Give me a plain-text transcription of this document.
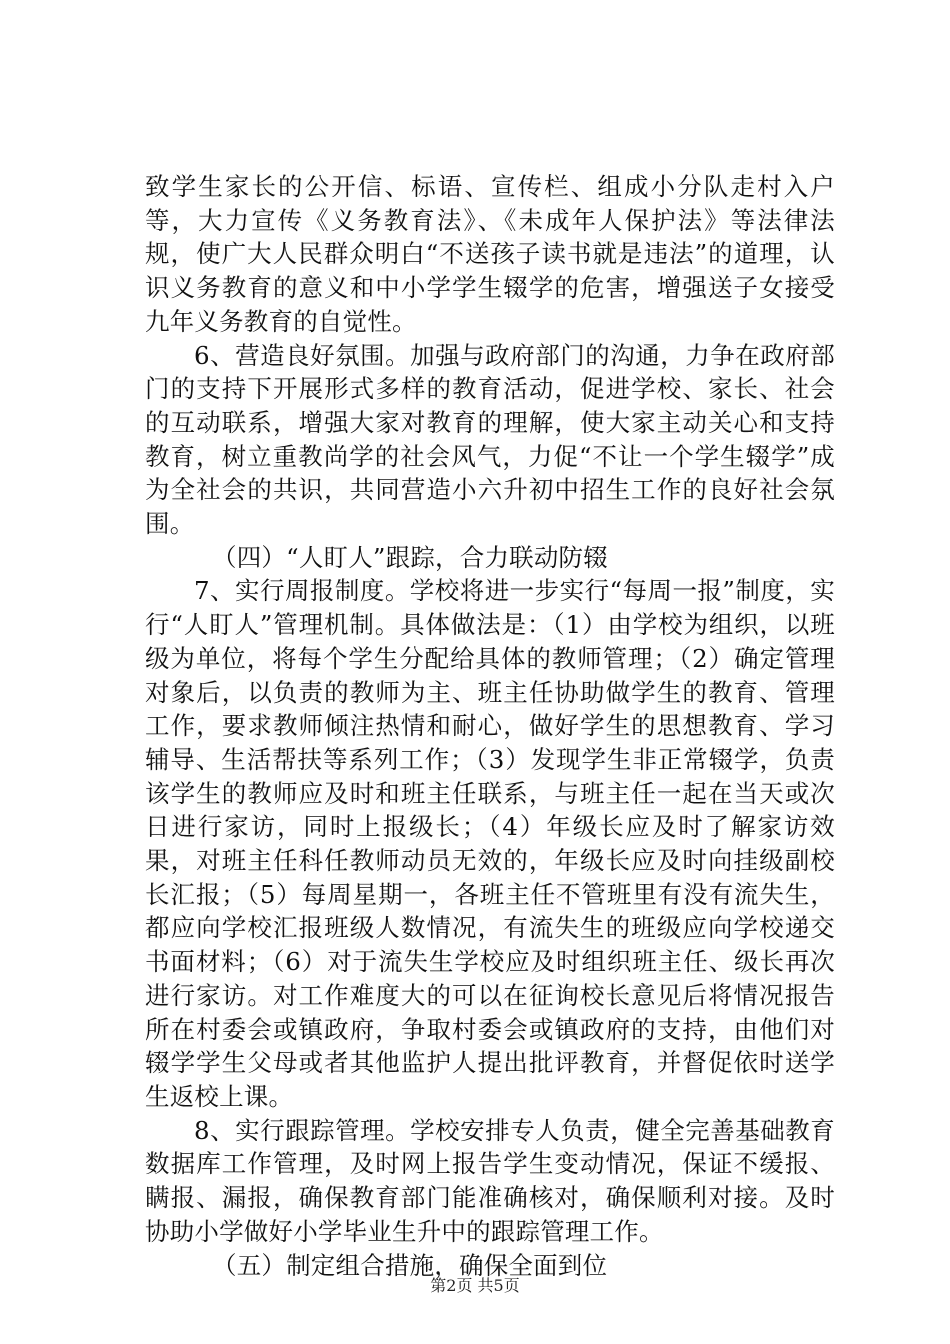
致学生家长的公开信、标语、宣传栏、组成小分队走村入户等，大力宣传《义务教育法》、《未成年人保护法》等法律法规，使广大人民群众明白“不送孩子读书就是违法”的道理，认识义务教育的意义和中小学学生辍学的危害，增强送子女接受九年义务教育的自觉性。

6、营造良好氛围。加强与政府部门的沟通，力争在政府部门的支持下开展形式多样的教育活动，促进学校、家长、社会的互动联系，增强大家对教育的理解，使大家主动关心和支持教育，树立重教尚学的社会风气，力促“不让一个学生辍学”成为全社会的共识，共同营造小六升初中招生工作的良好社会氛围。

（四）“人盯人”跟踪，合力联动防辍

7、实行周报制度。学校将进一步实行“每周一报”制度，实行“人盯人”管理机制。具体做法是：（1）由学校为组织，以班级为单位，将每个学生分配给具体的教师管理；（2）确定管理对象后，以负责的教师为主、班主任协助做学生的教育、管理工作，要求教师倾注热情和耐心，做好学生的思想教育、学习辅导、生活帮扶等系列工作；（3）发现学生非正常辍学，负责该学生的教师应及时和班主任联系，与班主任一起在当天或次日进行家访，同时上报级长；（4）年级长应及时了解家访效果，对班主任科任教师动员无效的，年级长应及时向挂级副校长汇报；（5）每周星期一，各班主任不管班里有没有流失生，都应向学校汇报班级人数情况，有流失生的班级应向学校递交书面材料；（6）对于流失生学校应及时组织班主任、级长再次进行家访。对工作难度大的可以在征询校长意见后将情况报告所在村委会或镇政府，争取村委会或镇政府的支持，由他们对辍学学生父母或者其他监护人提出批评教育，并督促依时送学生返校上课。

8、实行跟踪管理。学校安排专人负责，健全完善基础教育数据库工作管理，及时网上报告学生变动情况，保证不缓报、瞒报、漏报，确保教育部门能准确核对，确保顺利对接。及时协助小学做好小学毕业生升中的跟踪管理工作。

（五）制定组合措施，确保全面到位

第2页 共5页
